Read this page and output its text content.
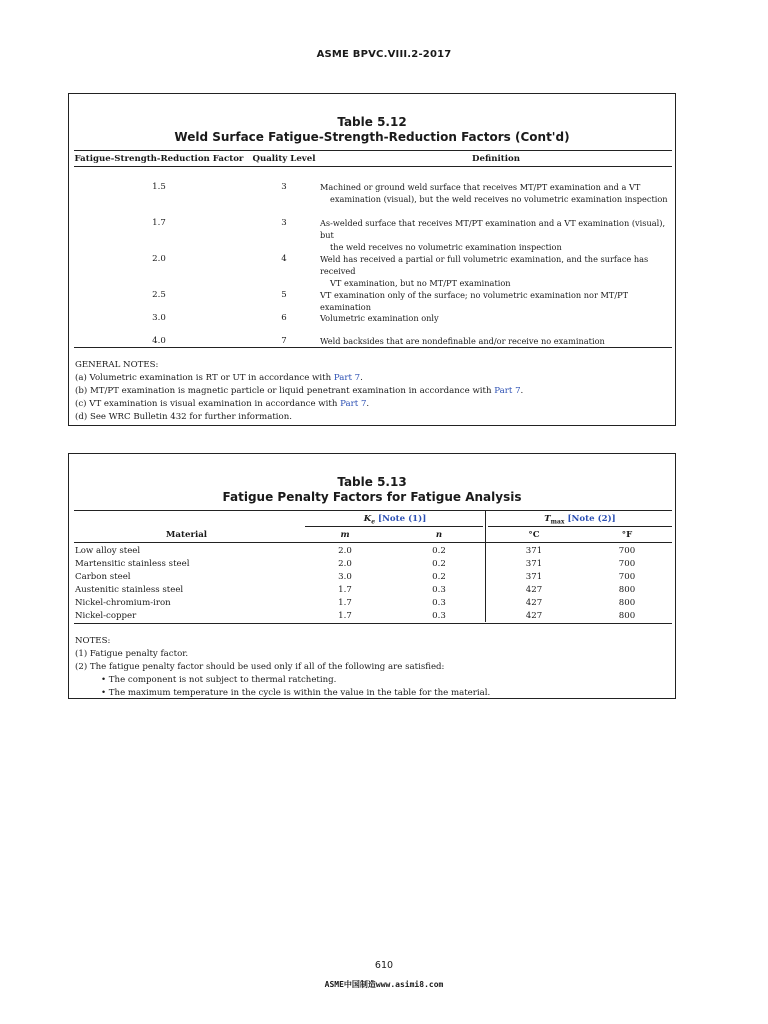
ASME BPVC.VIII.2-2017
Table 5.12
Weld Surface Fatigue-Strength-Reduction Factors (Cont'd)
Fatigue-Strength-Reduction Factor	Quality Level	Definition
1.5	3	Machined or ground weld surface that receives MT/PT examination and a VT
examination (visual), but the weld receives no volumetric examination inspection
1.7	3	As-welded surface that receives MT/PT examination and a VT examination (visual), but
the weld receives no volumetric examination inspection
2.0	4	Weld has received a partial or full volumetric examination, and the surface has received
VT examination, but no MT/PT examination
2.5	5	VT examination only of the surface; no volumetric examination nor MT/PT examination
3.0	6	Volumetric examination only
4.0	7	Weld backsides that are nondefinable and/or receive no examination
GENERAL NOTES:
(a) Volumetric examination is RT or UT in accordance with Part 7.
(b) MT/PT examination is magnetic particle or liquid penetrant examination in accordance with Part 7.
(c) VT examination is visual examination in accordance with Part 7.
(d) See WRC Bulletin 432 for further information.
Table 5.13
Fatigue Penalty Factors for Fatigue Analysis
$K_e$ [Note (1)]	$T_{max}$ [Note (2)]
Material	m	n	°C	°F
Low alloy steel	2.0	0.2	371	700
Martensitic stainless steel	2.0	0.2	371	700
Carbon steel	3.0	0.2	371	700
Austenitic stainless steel	1.7	0.3	427	800
Nickel-chromium-iron	1.7	0.3	427	800
Nickel-copper	1.7	0.3	427	800
NOTES:
(1) Fatigue penalty factor.
(2) The fatigue penalty factor should be used only if all of the following are satisfied:
• The component is not subject to thermal ratcheting.
• The maximum temperature in the cycle is within the value in the table for the material.
610
ASME中国制造www.asimi8.com
